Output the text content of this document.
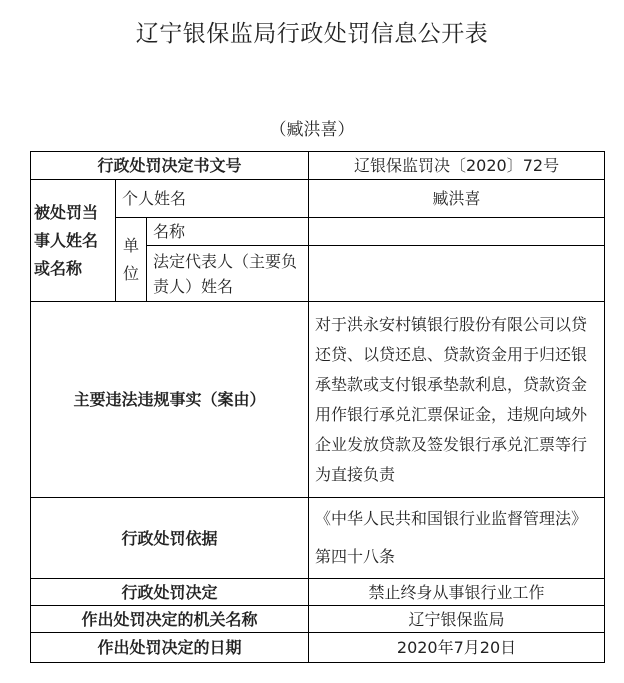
辽宁银保监局行政处罚信息公开表
（臧洪喜）
行政处罚决定书文号			辽银保监罚决〔2020〕72号
被处罚当事人姓名或名称	个人姓名		臧洪喜
	单位	名称	
		法定代表人（主要负责人）姓名	
主要违法违规事实（案由）			对于洪永安村镇银行股份有限公司以贷还贷、以贷还息、贷款资金用于归还银承垫款或支付银承垫款利息，贷款资金用作银行承兑汇票保证金，违规向域外企业发放贷款及签发银行承兑汇票等行为直接负责
行政处罚依据			《中华人民共和国银行业监督管理法》第四十八条
行政处罚决定			禁止终身从事银行业工作
作出处罚决定的机关名称			辽宁银保监局
作出处罚决定的日期			2020年7月20日
